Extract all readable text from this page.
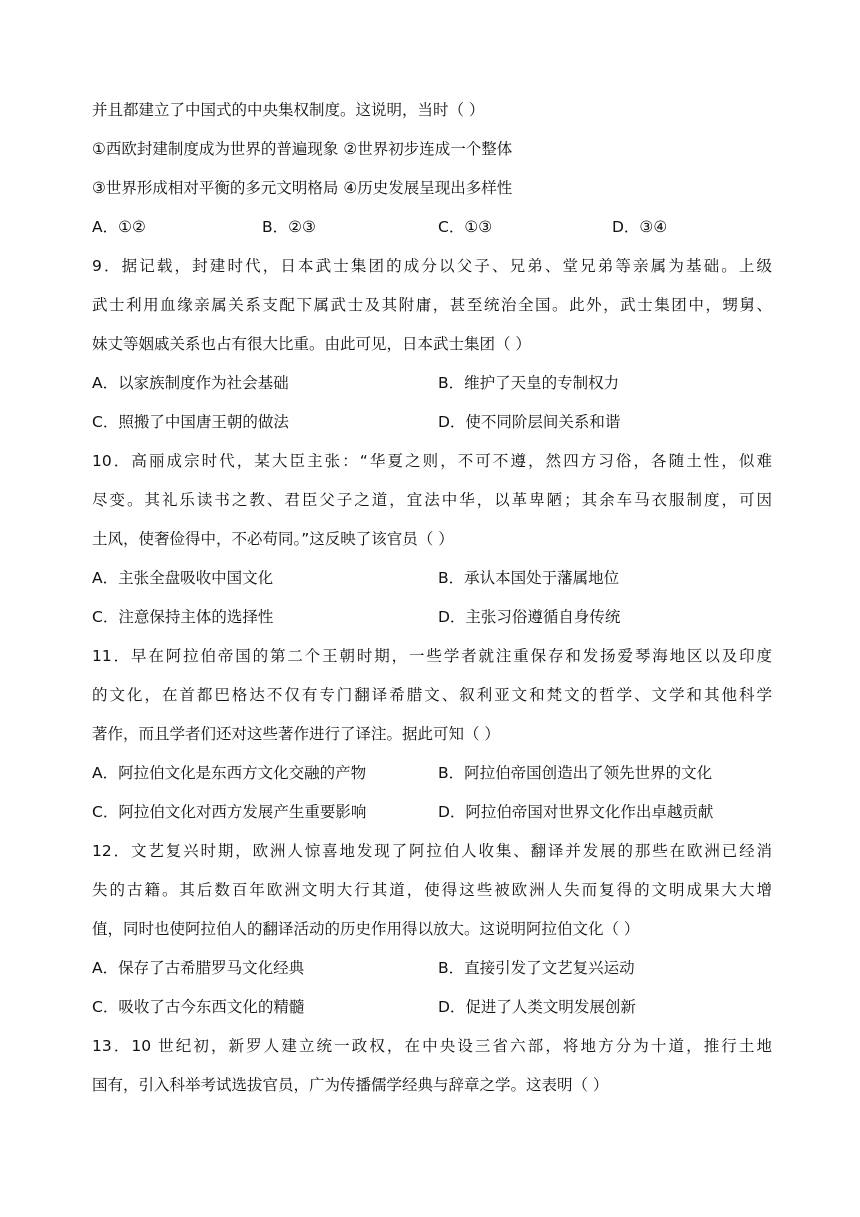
并且都建立了中国式的中央集权制度。这说明，当时（ ）
①西欧封建制度成为世界的普遍现象 ②世界初步连成一个整体
③世界形成相对平衡的多元文明格局 ④历史发展呈现出多样性
A．①②	B．②③	C．①③	D．③④
9．据记载，封建时代，日本武士集团的成分以父子、兄弟、堂兄弟等亲属为基础。上级
武士利用血缘亲属关系支配下属武士及其附庸，甚至统治全国。此外，武士集团中，甥舅、
妹丈等姻戚关系也占有很大比重。由此可见，日本武士集团（ ）
A．以家族制度作为社会基础	B．维护了天皇的专制权力
C．照搬了中国唐王朝的做法	D．使不同阶层间关系和谐
10．高丽成宗时代，某大臣主张：“华夏之则，不可不遵，然四方习俗，各随土性，似难
尽变。其礼乐读书之教、君臣父子之道，宜法中华，以革卑陋；其余车马衣服制度，可因
土风，使奢俭得中，不必苟同。”这反映了该官员（ ）
A．主张全盘吸收中国文化	B．承认本国处于藩属地位
C．注意保持主体的选择性	D．主张习俗遵循自身传统
11．早在阿拉伯帝国的第二个王朝时期，一些学者就注重保存和发扬爱琴海地区以及印度
的文化，在首都巴格达不仅有专门翻译希腊文、叙利亚文和梵文的哲学、文学和其他科学
著作，而且学者们还对这些著作进行了译注。据此可知（ ）
A．阿拉伯文化是东西方文化交融的产物	B．阿拉伯帝国创造出了领先世界的文化
C．阿拉伯文化对西方发展产生重要影响	D．阿拉伯帝国对世界文化作出卓越贡献
12．文艺复兴时期，欧洲人惊喜地发现了阿拉伯人收集、翻译并发展的那些在欧洲已经消
失的古籍。其后数百年欧洲文明大行其道，使得这些被欧洲人失而复得的文明成果大大增
值，同时也使阿拉伯人的翻译活动的历史作用得以放大。这说明阿拉伯文化（ ）
A．保存了古希腊罗马文化经典	B．直接引发了文艺复兴运动
C．吸收了古今东西文化的精髓	D．促进了人类文明发展创新
13．10 世纪初，新罗人建立统一政权，在中央设三省六部，将地方分为十道，推行土地
国有，引入科举考试选拔官员，广为传播儒学经典与辞章之学。这表明（ ）
